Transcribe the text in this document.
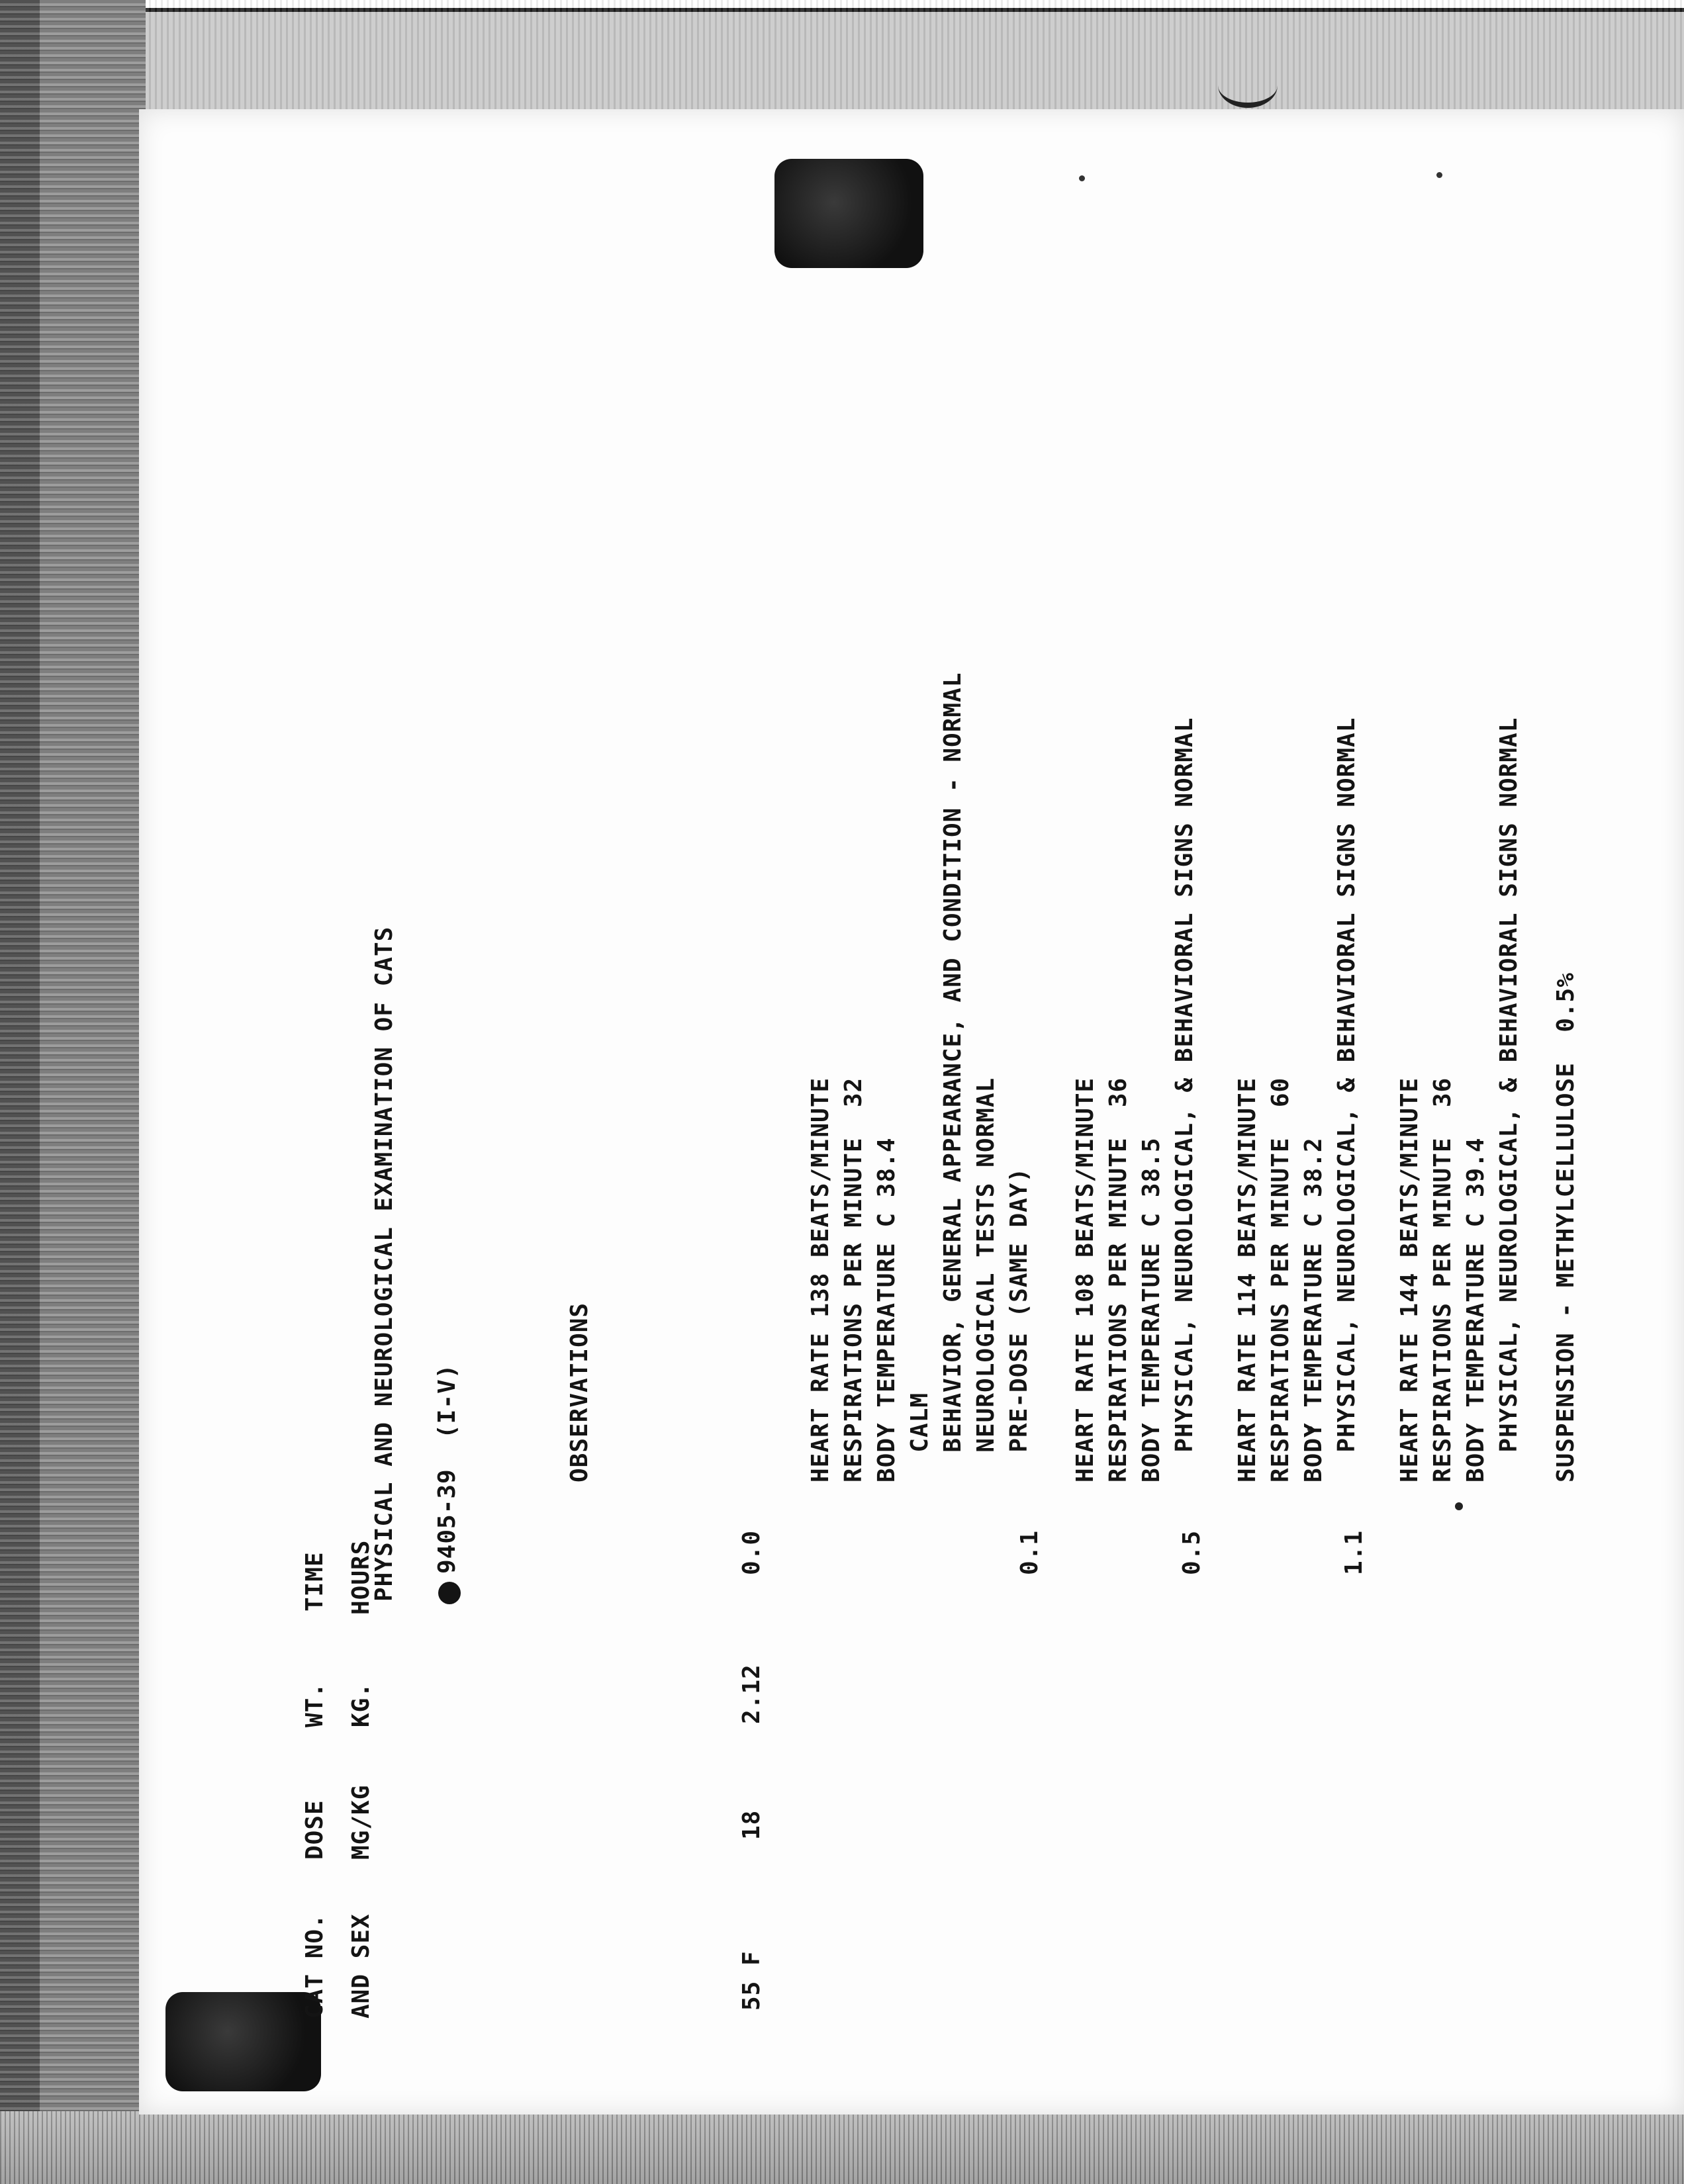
PHYSICAL AND NEUROLOGICAL EXAMINATION OF CATS 9405-39  (I-V)
CAT NO. AND SEX
DOSE MG/KG
WT. KG.
TIME HOURS
OBSERVATIONS
55 F
18
2.12
0.0

HEART RATE 138 BEATS/MINUTE

RESPIRATIONS PER MINUTE  32

BODY TEMPERATURE C 38.4

CALM

BEHAVIOR, GENERAL APPEARANCE, AND CONDITION - NORMAL

NEUROLOGICAL TESTS NORMAL

PRE-DOSE (SAME DAY)

0.1

HEART RATE 108 BEATS/MINUTE

RESPIRATIONS PER MINUTE  36

BODY TEMPERATURE C 38.5

PHYSICAL, NEUROLOGICAL, & BEHAVIORAL SIGNS NORMAL

0.5

HEART RATE 114 BEATS/MINUTE

RESPIRATIONS PER MINUTE  60

BODY TEMPERATURE C 38.2

PHYSICAL, NEUROLOGICAL, & BEHAVIORAL SIGNS NORMAL

1.1

HEART RATE 144 BEATS/MINUTE

RESPIRATIONS PER MINUTE  36

BODY TEMPERATURE C 39.4

PHYSICAL, NEUROLOGICAL, & BEHAVIORAL SIGNS NORMAL

SUSPENSION - METHYLCELLULOSE  0.5%
